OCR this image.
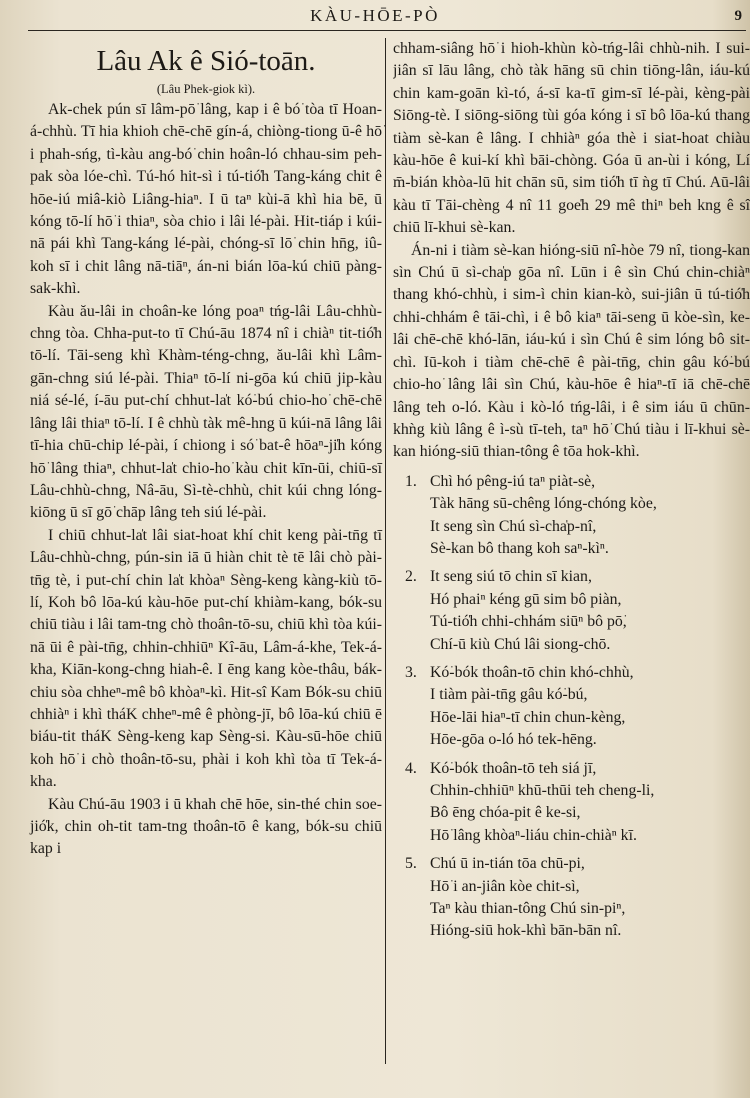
KÀU-HŌE-PÒ	9
Lâu Ak ê Sió-toān.
(Lâu Phek-giok kì).

Ak-chek pún sī lâm-pō͘ lâng, kap i ê bó͘ tòa tī Hoan-á-chhù. Tī hia khioh chē-chē gín-á, chiòng-tiong ū-ê hō͘ i phah-sńg, tì-kàu ang-bó͘ chin hoân-ló chhau-sim peh-pak sòa lóe-chì. Tú-hó hit-sì i tú-tió̍h Tang-káng chit ê hōe-iú miâ-kiò Liâng-hiaⁿ. I ū taⁿ kùi-ā khì hia bē, ū kóng tō-lí hō͘ i thiaⁿ, sòa chio i lâi lé-pài. Hit-tiáp i kúi-nā pái khì Tang-káng lé-pài, chóng-sī lō͘ chin hn̄g, iû-koh sī i chit lâng nā-tiāⁿ, án-ni bián lōa-kú chiū pàng-sak-khì.

Kàu ău-lâi in choân-ke lóng poaⁿ tńg-lâi Lâu-chhù-chng tòa. Chha-put-to tī Chú-āu 1874 nî i chiàⁿ tit-tió̍h tō-lí. Tāi-seng khì Khàm-téng-chng, ău-lâi khì Lâm-gān-chng siú lé-pài. Thiaⁿ tō-lí ni-gōa kú chiū jip-kàu niá sé-lé, í-āu put-chí chhut-la̍t kó͘-bú chio-ho͘ chē-chē lâng lâi thiaⁿ tō-lí. I ê chhù tàk mê-hng ū kúi-nā lâng lâi tī-hia chū-chip lé-pài, í chiong i só͘ bat-ê hōaⁿ-ji̍h kóng hō͘ lâng thiaⁿ, chhut-la̍t chio-ho͘ kàu chit kīn-ūi, chiū-sī Lâu-chhù-chng, Nâ-āu, Sì-tè-chhù, chit kúi chng lóng-kiōng ū sī gō͘ chāp lâng teh siú lé-pài.

I chiū chhut-la̍t lâi siat-hoat khí chit keng pài-tn̄g tī Lâu-chhù-chng, pún-sin iā ū hiàn chit tè tē lâi chò pài-tn̄g tè, i put-chí chin la̍t khòaⁿ Sèng-keng kàng-kiù tō-lí, Koh bô lōa-kú kàu-hōe put-chí khiàm-kang, bók-su chiū tiàu i lâi tam-tng chò thoân-tō-su, chiū khì tòa kúi-nā ūi ê pài-tn̄g, chhin-chhiūⁿ Kî-āu, Lâm-á-khe, Tek-á-kha, Kiān-kong-chng hiah-ê. I ēng kang kòe-thâu, bák-chiu sòa chheⁿ-mê bô khòaⁿ-kì. Hit-sî Kam Bók-su chiū chhiàⁿ i khì tháK chheⁿ-mê ê phòng-jī, bô lōa-kú chiū ē biáu-tit tháK Sèng-keng kap Sèng-si. Kàu-sū-hōe chiū koh hō͘ i chò thoân-tō-su, phài i koh khì tòa tī Tek-á-kha.

Kàu Chú-āu 1903 i ū khah chē hōe, sin-thé chin soe-jió̍k, chin oh-tit tam-tng thoân-tō ê kang, bók-su chiū kap i

chham-siâng hō͘ i hioh-khùn kò-tńg-lâi chhù-nih. I sui-jiân sī lāu lâng, chò tàk hāng sū chin tiōng-lân, iáu-kú chin kam-goān kì-tó, á-sī ka-tī gim-sī lé-pài, kèng-pài Siōng-tè. I siōng-siōng tùi góa kóng i sī bô lōa-kú thang tiàm sè-kan ê lâng. I chhiàⁿ góa thè i siat-hoat chiàu kàu-hōe ê kui-kí khì bāi-chòng. Góa ū an-ùi i kóng, Lí m̄-bián khòa-lū hit chān sū, sim tió̍h tī ǹg tī Chú. Aū-lâi kàu tī Tāi-chèng 4 nî 11 goe̍h 29 mê thiⁿ beh kng ê sî chiū lī-khui sè-kan.

Án-ni i tiàm sè-kan hióng-siū nî-hòe 79 nî, tiong-kan sìn Chú ū sì-cha̍p gōa nî. Lūn i ê sìn Chú chin-chiàⁿ thang khó-chhù, i sim-ì chin kian-kò, sui-jiân ū tú-tió̍h chhi-chhám ê tāi-chì, i ê bô kiaⁿ tāi-seng ū kòe-sìn, ke-lâi chē-chē khó-lān, iáu-kú i sìn Chú ê sim lóng bô sit-chì. Iū-koh i tiàm chē-chē ê pài-tn̄g, chin gâu kó͘-bú chio-ho͘ lâng lâi sìn Chú, kàu-hōe ê hiaⁿ-tī iā chē-chē lâng teh o-ló. Kàu i kò-ló tńg-lâi, i ê sim iáu ū chūn-khǹg kiù lâng ê ì-sù tī-teh, taⁿ hō͘ Chú tiàu i lī-khui sè-kan hióng-siū thian-tông ê tōa hok-khì.

1. Chì hó pêng-iú taⁿ piàt-sè,
Tàk hāng sū-chêng lóng-chóng kòe,
It seng sìn Chú sì-cha̍p-nî,
Sè-kan bô thang koh saⁿ-kìⁿ.
2. It seng siú tō chin sī kian,
Hó phaiⁿ kéng gū sim bô piàn,
Tú-tió̍h chhi-chhám siūⁿ bô pō͘,
Chí-ū kiù Chú lâi siong-chō.
3. Kó͘-bók thoân-tō chin khó-chhù,
I tiàm pài-tn̄g gâu kó͘-bú,
Hōe-lāi hiaⁿ-tī chin chun-kèng,
Hōe-gōa o-ló hó tek-hēng.
4. Kó͘-bók thoân-tō teh siá jī,
Chhin-chhiūⁿ khū-thūi teh cheng-li,
Bô ēng chóa-pit ê ke-si,
Hō͘ lâng khòaⁿ-liáu chin-chiàⁿ kī.
5. Chú ū in-tián tōa chū-pi,
Hō͘ i an-jiân kòe chit-sì,
Taⁿ kàu thian-tông Chú sin-piⁿ,
Hióng-siū hok-khì bān-bān nî.
